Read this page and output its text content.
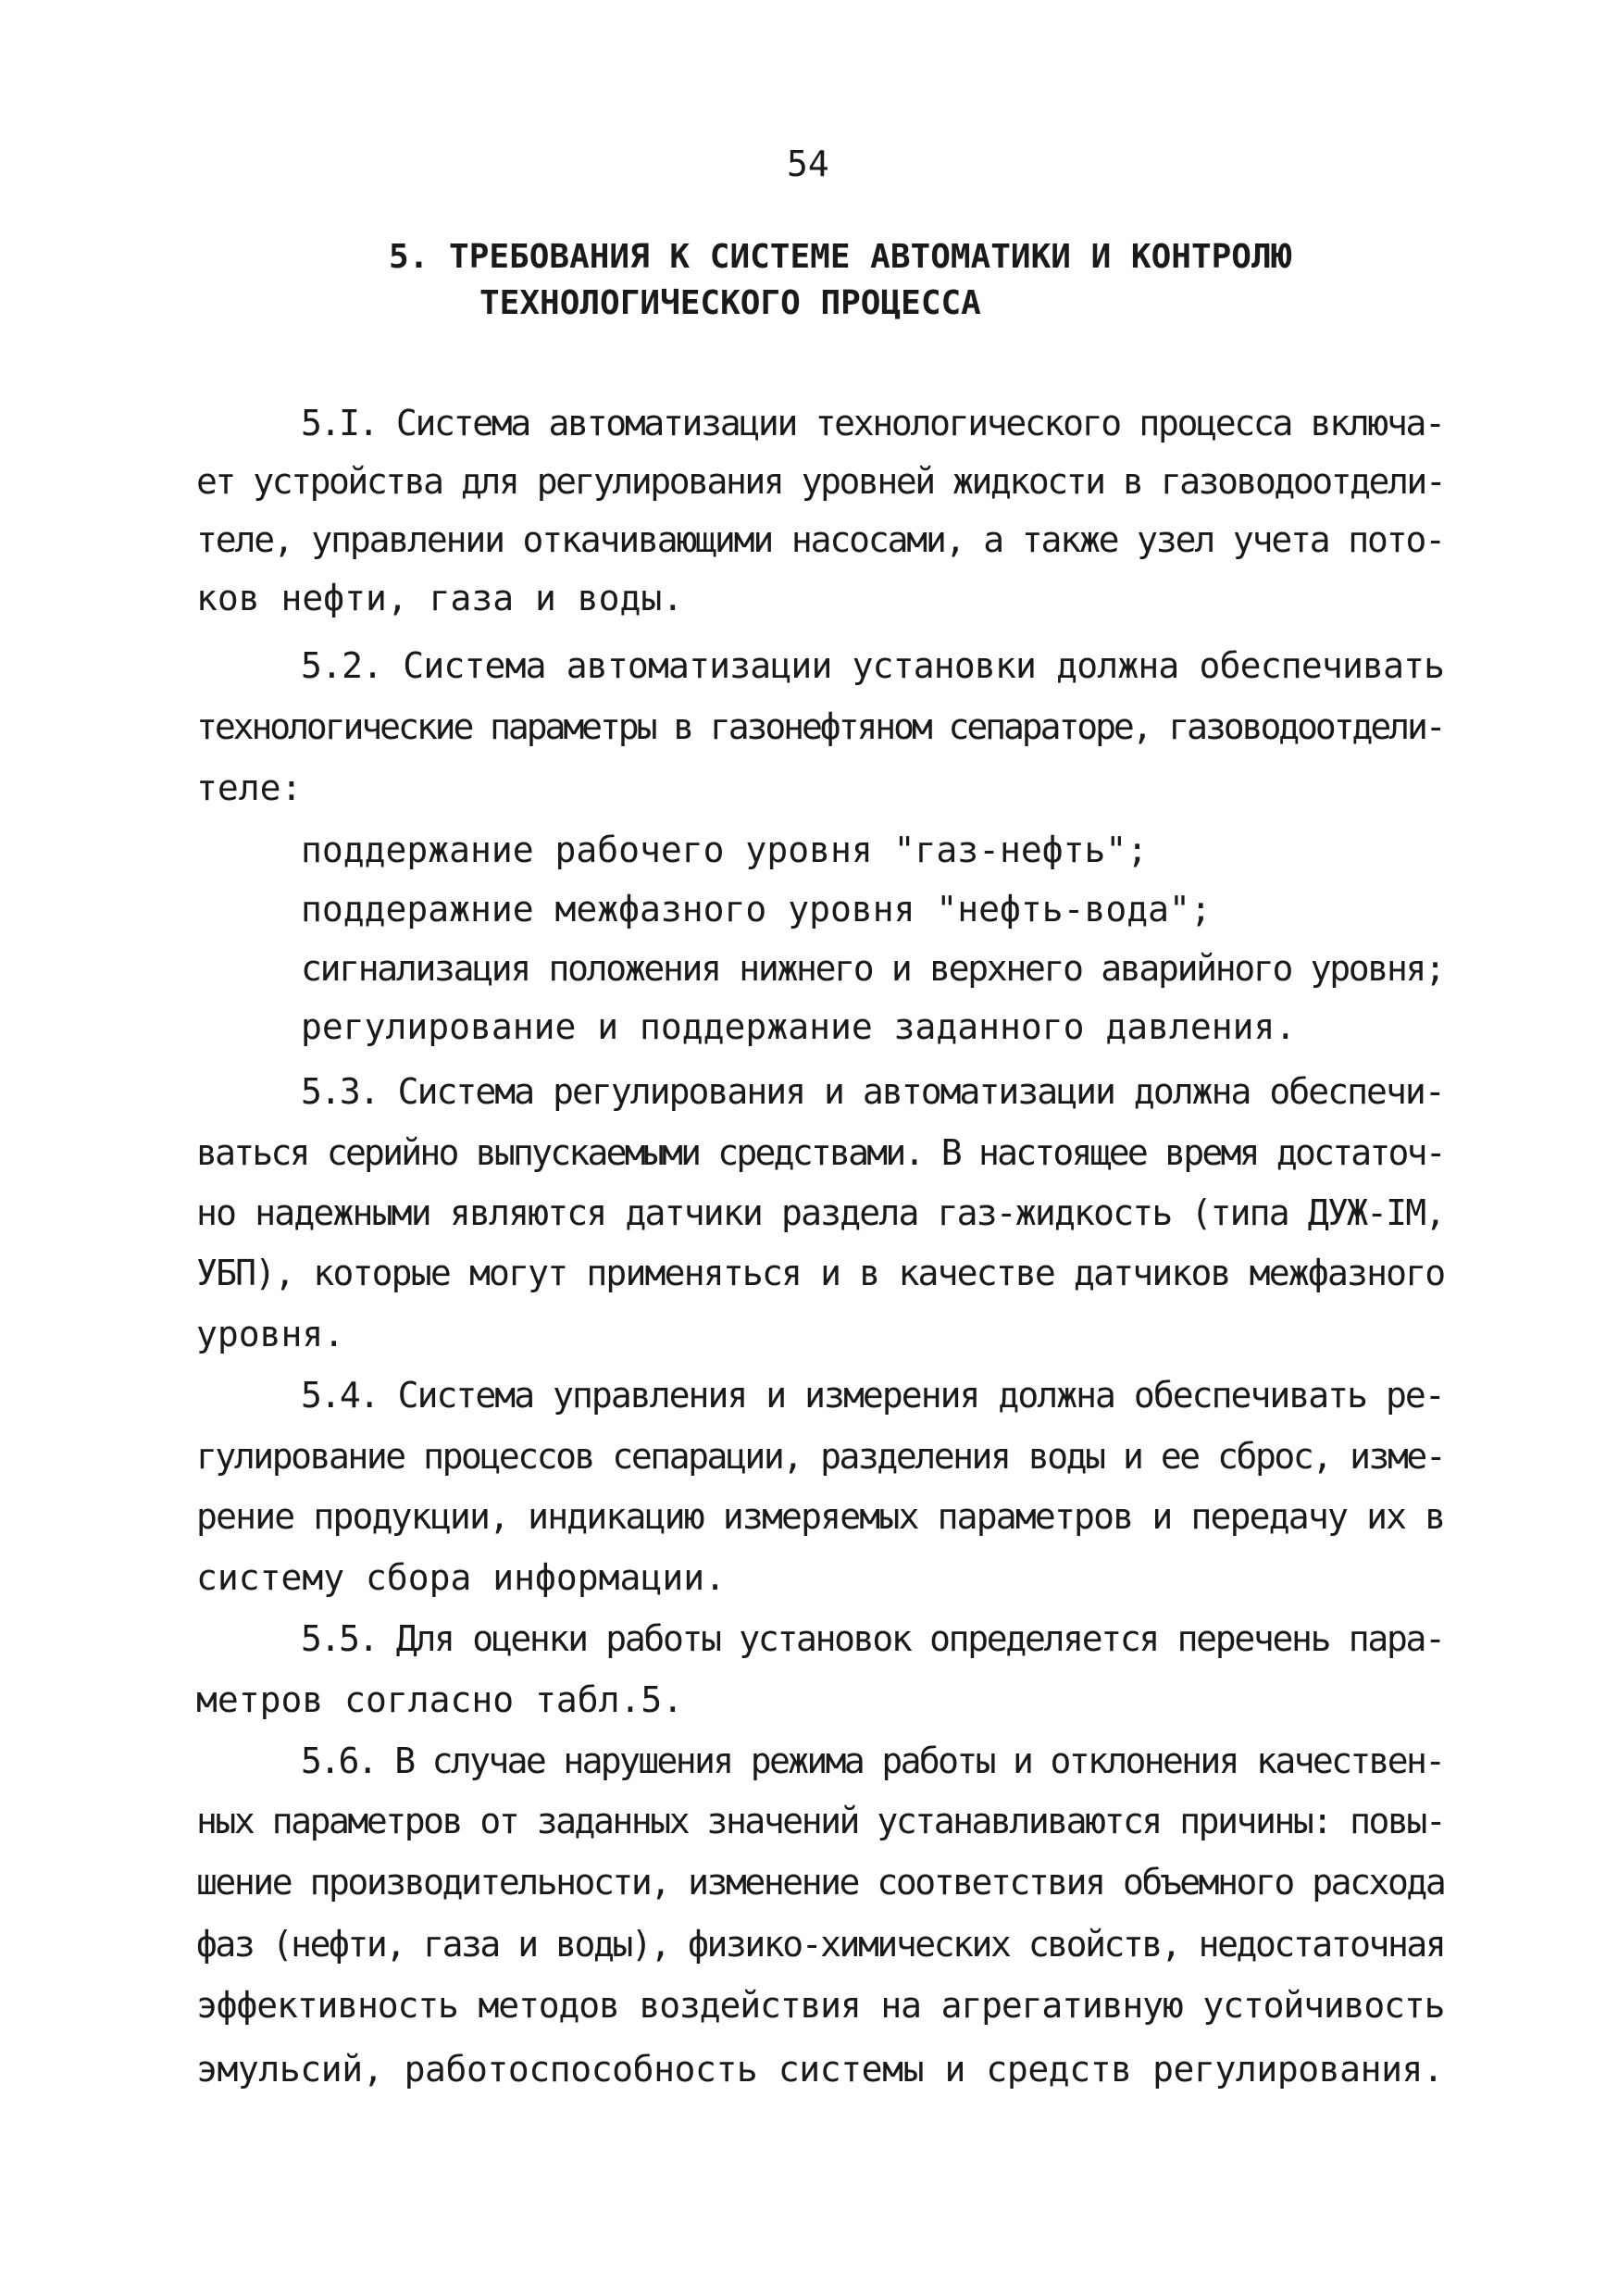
54
5. ТРЕБОВАНИЯ К СИСТЕМЕ АВТОМАТИКИ И КОНТРОЛЮ
ТЕХНОЛОГИЧЕСКОГО ПРОЦЕССА
5.I. Система автоматизации технологического процесса включа-
ет устройства для регулирования уровней жидкости в газоводоотдели-
теле, управлении откачивающими насосами, а также узел учета пото-
ков нефти, газа и воды.
5.2. Система автоматизации установки должна обеспечивать
технологические параметры в газонефтяном сепараторе, газоводоотдели-
теле:
поддержание рабочего уровня "газ-нефть";
поддеражние межфазного уровня "нефть-вода";
сигнализация положения нижнего и верхнего аварийного уровня;
регулирование и поддержание заданного давления.
5.3. Система регулирования и автоматизации должна обеспечи-
ваться серийно выпускаемыми средствами. В настоящее время достаточ-
но надежными являются датчики раздела газ-жидкость (типа ДУЖ-IМ,
УБП), которые могут применяться и в качестве датчиков межфазного
уровня.
5.4. Система управления и измерения должна обеспечивать ре-
гулирование процессов сепарации, разделения воды и ее сброс, изме-
рение продукции, индикацию измеряемых параметров и передачу их в
систему сбора информации.
5.5. Для оценки работы установок определяется перечень пара-
метров согласно табл.5.
5.6. В случае нарушения режима работы и отклонения качествен-
ных параметров от заданных значений устанавливаются причины: повы-
шение производительности, изменение соответствия объемного расхода
фаз (нефти, газа и воды), физико-химических свойств, недостаточная
эффективность методов воздействия на агрегативную устойчивость
эмульсий, работоспособность системы и средств регулирования.
